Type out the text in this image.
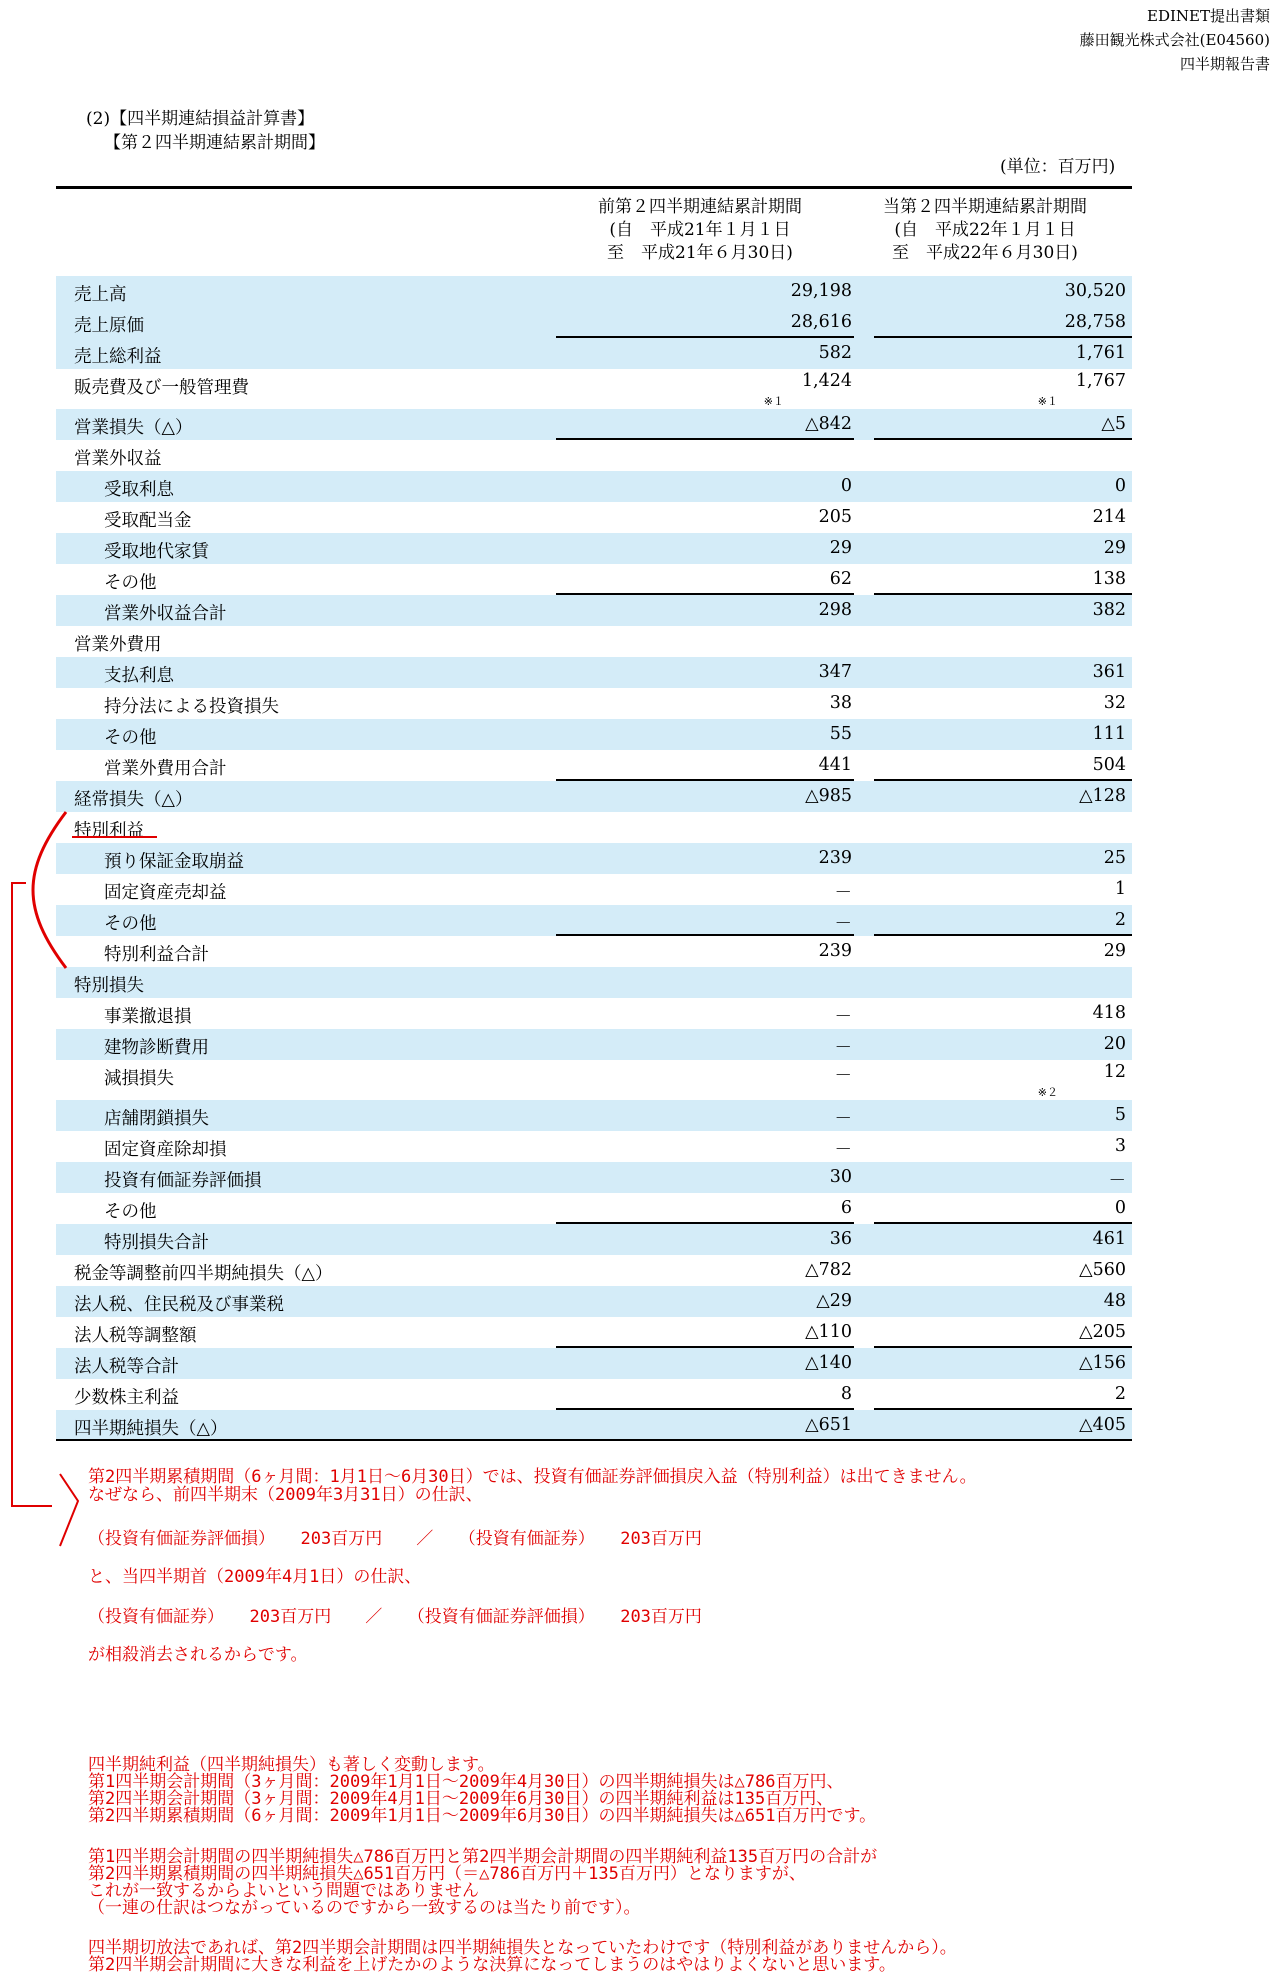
EDINET提出書類
藤田観光株式会社(E04560)
四半期報告書
(2)【四半期連結損益計算書】
【第２四半期連結累計期間】
(単位：百万円)
前第２四半期連結累計期間
(自　平成21年１月１日
至　平成21年６月30日)
当第２四半期連結累計期間
(自　平成22年１月１日
至　平成22年６月30日)
売上高	29,198	30,520
売上原価	28,616	28,758
売上総利益	582	1,761
販売費及び一般管理費	1,424	1,767
※１	※１
営業損失（△）	△842	△5
営業外収益
受取利息	0	0
受取配当金	205	214
受取地代家賃	29	29
その他	62	138
営業外収益合計	298	382
営業外費用
支払利息	347	361
持分法による投資損失	38	32
その他	55	111
営業外費用合計	441	504
経常損失（△）	△985	△128
特別利益
預り保証金取崩益	239	25
固定資産売却益	－	1
その他	－	2
特別利益合計	239	29
特別損失
事業撤退損	－	418
建物診断費用	－	20
減損損失	－	12
※２
店舗閉鎖損失	－	5
固定資産除却損	－	3
投資有価証券評価損	30	－
その他	6	0
特別損失合計	36	461
税金等調整前四半期純損失（△）	△782	△560
法人税、住民税及び事業税	△29	48
法人税等調整額	△110	△205
法人税等合計	△140	△156
少数株主利益	8	2
四半期純損失（△）	△651	△405
第2四半期累積期間（6ヶ月間：1月1日～6月30日）では、投資有価証券評価損戻入益（特別利益）は出てきません。
なぜなら、前四半期末（2009年3月31日）の仕訳、
（投資有価証券評価損）　　203百万円　　／　　（投資有価証券）　　203百万円
と、当四半期首（2009年4月1日）の仕訳、
（投資有価証券）　　203百万円　　／　　（投資有価証券評価損）　　203百万円
が相殺消去されるからです。
四半期純利益（四半期純損失）も著しく変動します。
第1四半期会計期間（3ヶ月間：2009年1月1日～2009年4月30日）の四半期純損失は△786百万円、
第2四半期会計期間（3ヶ月間：2009年4月1日～2009年6月30日）の四半期純利益は135百万円、
第2四半期累積期間（6ヶ月間：2009年1月1日～2009年6月30日）の四半期純損失は△651百万円です。
第1四半期会計期間の四半期純損失△786百万円と第2四半期会計期間の四半期純利益135百万円の合計が
第2四半期累積期間の四半期純損失△651百万円（＝△786百万円＋135百万円）となりますが、
これが一致するからよいという問題ではありません
（一連の仕訳はつながっているのですから一致するのは当たり前です）。
四半期切放法であれば、第2四半期会計期間は四半期純損失となっていたわけです（特別利益がありませんから）。
第2四半期会計期間に大きな利益を上げたかのような決算になってしまうのはやはりよくないと思います。
